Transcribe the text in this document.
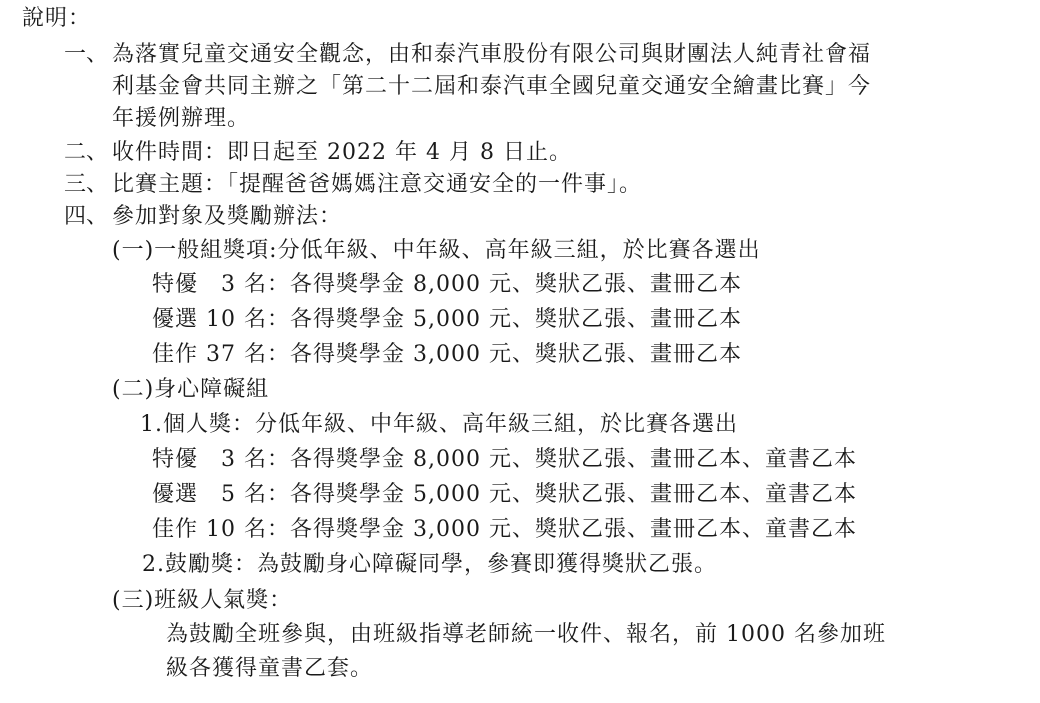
說明：
一、 為落實兒童交通安全觀念，由和泰汽車股份有限公司與財團法人純青社會福
利基金會共同主辦之「第二十二屆和泰汽車全國兒童交通安全繪畫比賽」今
年援例辦理。
二、 收件時間：即日起至 2022 年 4 月 8 日止。
三、 比賽主題：「提醒爸爸媽媽注意交通安全的一件事」。
四、 參加對象及獎勵辦法：
(一)一般組獎項:分低年級、中年級、高年級三組，於比賽各選出
特優　3 名：各得獎學金 8,000 元、獎狀乙張、畫冊乙本
優選 10 名：各得獎學金 5,000 元、獎狀乙張、畫冊乙本
佳作 37 名：各得獎學金 3,000 元、獎狀乙張、畫冊乙本
(二)身心障礙組
1.個人獎：分低年級、中年級、高年級三組，於比賽各選出
特優　3 名：各得獎學金 8,000 元、獎狀乙張、畫冊乙本、童書乙本
優選　5 名：各得獎學金 5,000 元、獎狀乙張、畫冊乙本、童書乙本
佳作 10 名：各得獎學金 3,000 元、獎狀乙張、畫冊乙本、童書乙本
2.鼓勵獎：為鼓勵身心障礙同學，參賽即獲得獎狀乙張。
(三)班級人氣獎：
為鼓勵全班參與，由班級指導老師統一收件、報名，前 1000 名參加班
級各獲得童書乙套。
